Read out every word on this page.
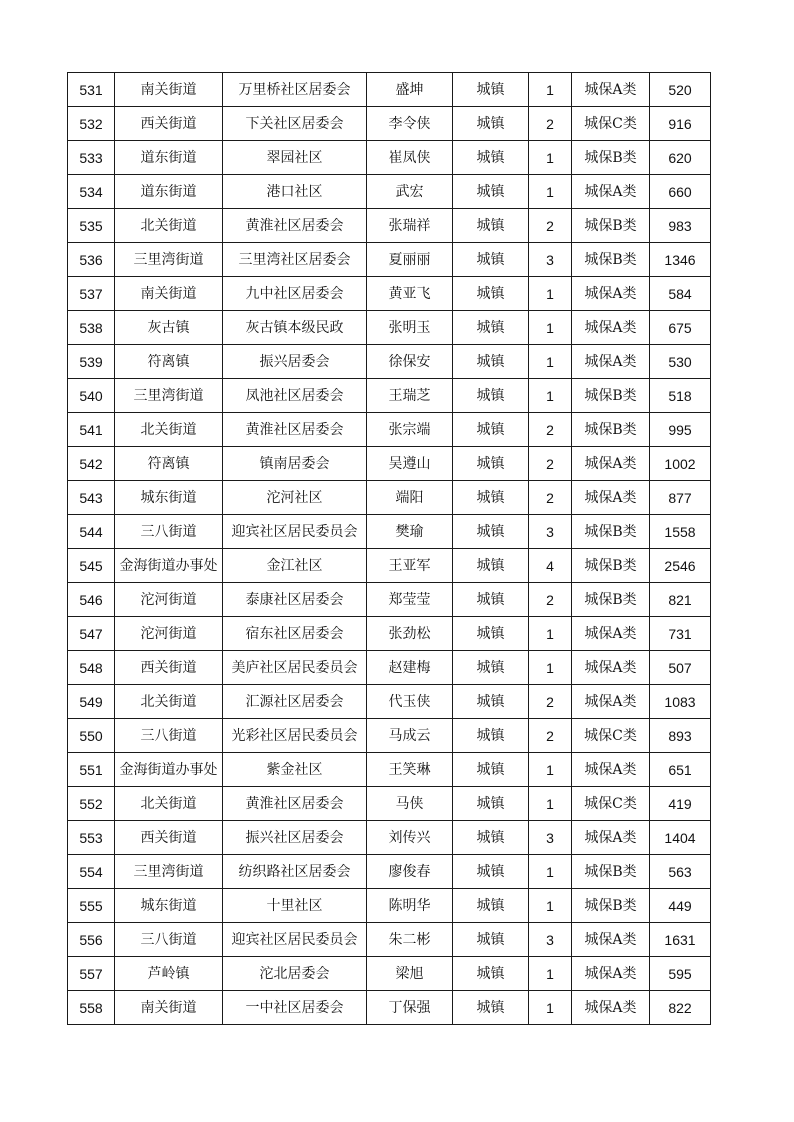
531	南关街道	万里桥社区居委会	盛坤	城镇	1	城保A类	520
532	西关街道	下关社区居委会	李令侠	城镇	2	城保C类	916
533	道东街道	翠园社区	崔凤侠	城镇	1	城保B类	620
534	道东街道	港口社区	武宏	城镇	1	城保A类	660
535	北关街道	黄淮社区居委会	张瑞祥	城镇	2	城保B类	983
536	三里湾街道	三里湾社区居委会	夏丽丽	城镇	3	城保B类	1346
537	南关街道	九中社区居委会	黄亚飞	城镇	1	城保A类	584
538	灰古镇	灰古镇本级民政	张明玉	城镇	1	城保A类	675
539	符离镇	振兴居委会	徐保安	城镇	1	城保A类	530
540	三里湾街道	凤池社区居委会	王瑞芝	城镇	1	城保B类	518
541	北关街道	黄淮社区居委会	张宗端	城镇	2	城保B类	995
542	符离镇	镇南居委会	吴遵山	城镇	2	城保A类	1002
543	城东街道	沱河社区	端阳	城镇	2	城保A类	877
544	三八街道	迎宾社区居民委员会	樊瑜	城镇	3	城保B类	1558
545	金海街道办事处	金江社区	王亚军	城镇	4	城保B类	2546
546	沱河街道	泰康社区居委会	郑莹莹	城镇	2	城保B类	821
547	沱河街道	宿东社区居委会	张劲松	城镇	1	城保A类	731
548	西关街道	美庐社区居民委员会	赵建梅	城镇	1	城保A类	507
549	北关街道	汇源社区居委会	代玉侠	城镇	2	城保A类	1083
550	三八街道	光彩社区居民委员会	马成云	城镇	2	城保C类	893
551	金海街道办事处	紫金社区	王笑琳	城镇	1	城保A类	651
552	北关街道	黄淮社区居委会	马侠	城镇	1	城保C类	419
553	西关街道	振兴社区居委会	刘传兴	城镇	3	城保A类	1404
554	三里湾街道	纺织路社区居委会	廖俊春	城镇	1	城保B类	563
555	城东街道	十里社区	陈明华	城镇	1	城保B类	449
556	三八街道	迎宾社区居民委员会	朱二彬	城镇	3	城保A类	1631
557	芦岭镇	沱北居委会	梁旭	城镇	1	城保A类	595
558	南关街道	一中社区居委会	丁保强	城镇	1	城保A类	822
